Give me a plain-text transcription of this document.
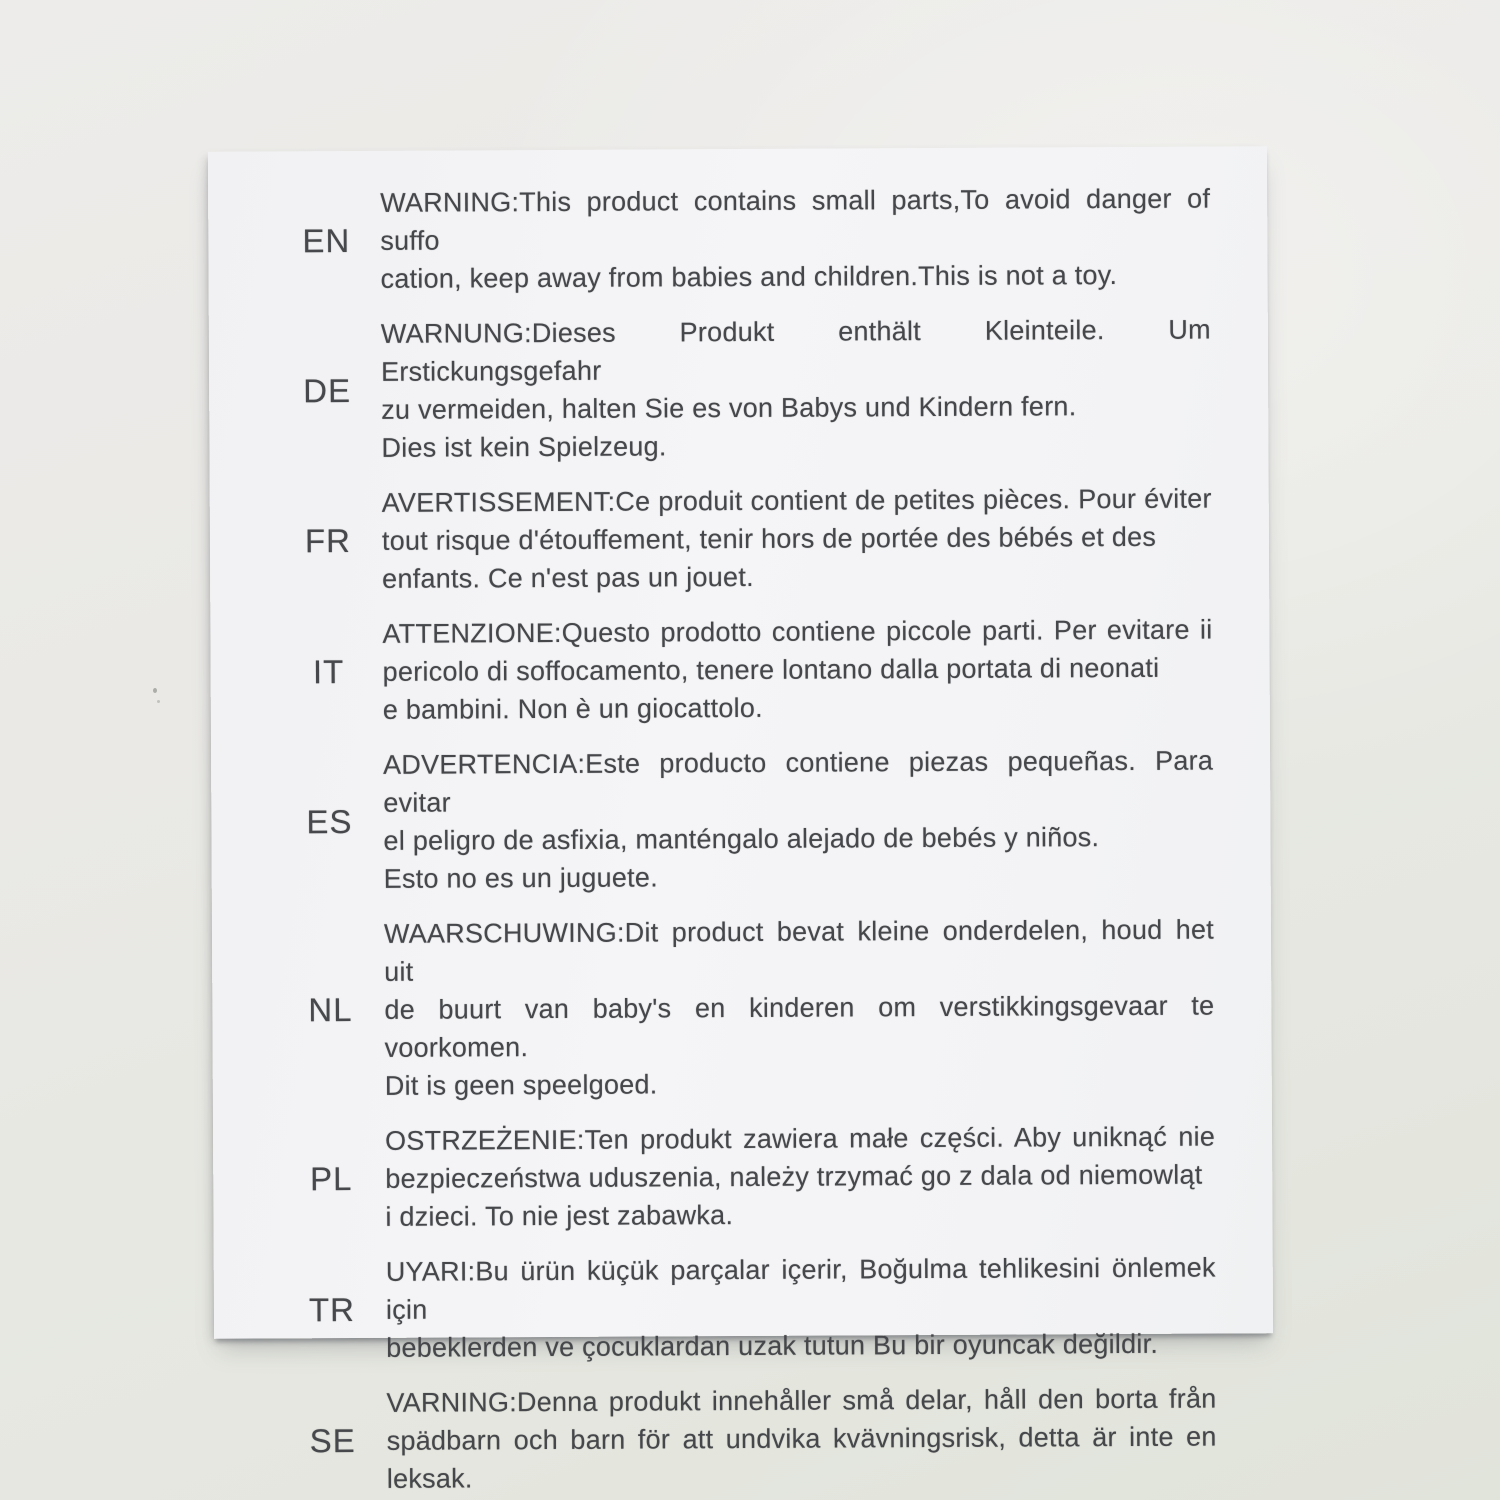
EN
WARNING:This product contains small parts,To avoid danger of suffo
cation, keep away from babies and children.This is not a toy.
DE
WARNUNG:Dieses Produkt enthält Kleinteile. Um Erstickungsgefahr
zu vermeiden, halten Sie es von Babys und Kindern fern.
Dies ist kein Spielzeug.
FR
AVERTISSEMENT:Ce produit contient de petites pièces. Pour éviter
tout risque d'étouffement, tenir hors de portée des bébés et des
enfants. Ce n'est pas un jouet.
IT
ATTENZIONE:Questo prodotto contiene piccole parti. Per evitare ii
pericolo di soffocamento, tenere lontano dalla portata di neonati
e bambini. Non è un giocattolo.
ES
ADVERTENCIA:Este producto contiene piezas pequeñas. Para evitar
el peligro de asfixia, manténgalo alejado de bebés y niños.
Esto no es un juguete.
NL
WAARSCHUWING:Dit product bevat kleine onderdelen, houd het uit
de buurt van baby's en kinderen om verstikkingsgevaar te voorkomen.
Dit is geen speelgoed.
PL
OSTRZEŻENIE:Ten produkt zawiera małe części. Aby uniknąć nie
bezpieczeństwa uduszenia, należy trzymać go z dala od niemowląt
i dzieci. To nie jest zabawka.
TR
UYARI:Bu ürün küçük parçalar içerir, Boğulma tehlikesini önlemek için
bebeklerden ve çocuklardan uzak tutun Bu bir oyuncak değildir.
SE
VARNING:Denna produkt innehåller små delar, håll den borta från
spädbarn och barn för att undvika kvävningsrisk, detta är inte en
leksak.
